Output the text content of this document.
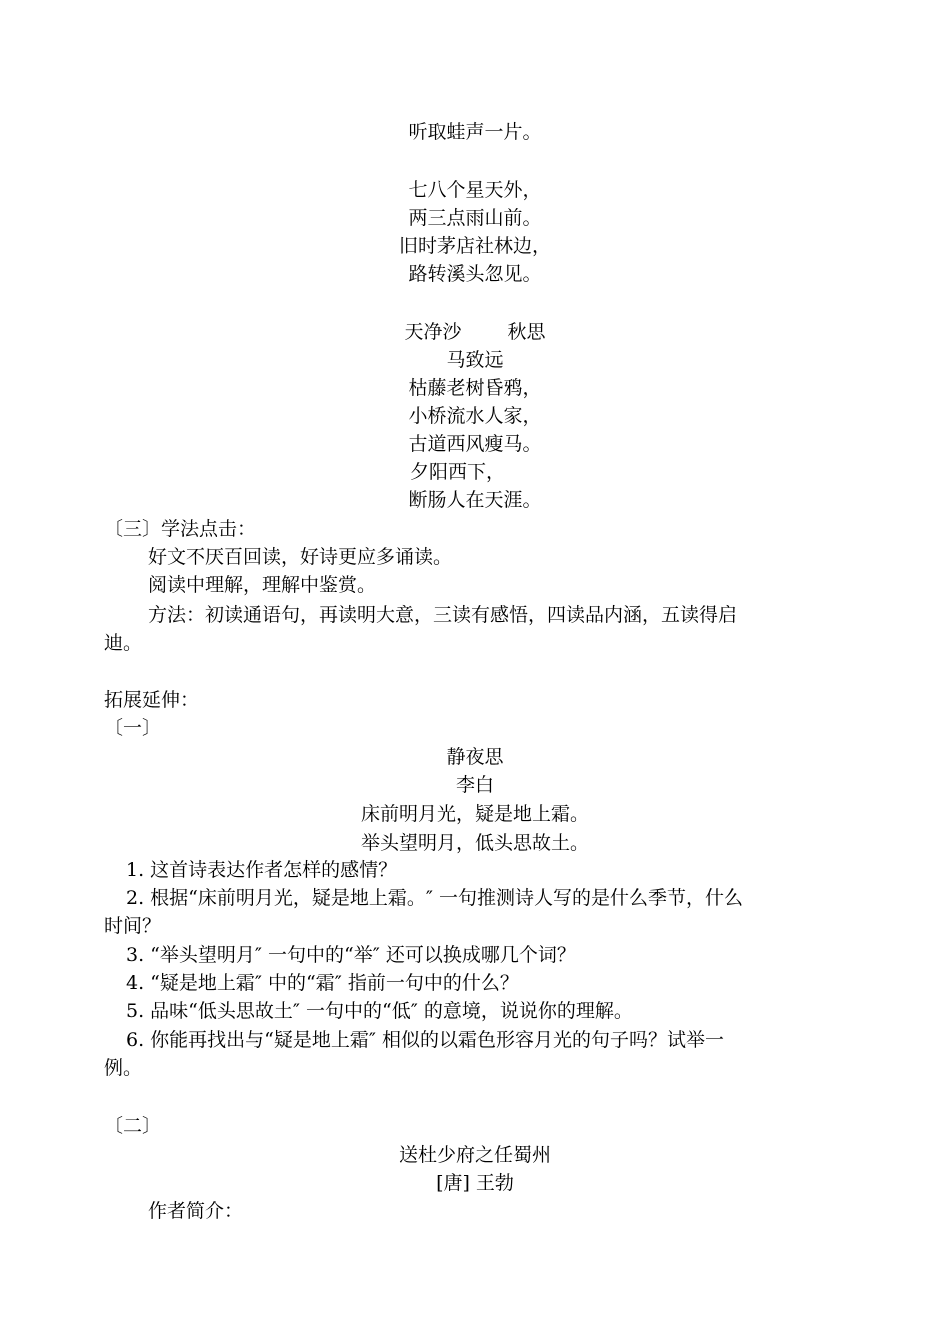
听取蛙声一片。
七八个星天外，
两三点雨山前。
旧时茅店社林边，
路转溪头忽见。
天净沙 秋思
马致远
枯藤老树昏鸦，
小桥流水人家，
古道西风瘦马。
夕阳西下，
断肠人在天涯。
〔三〕学法点击：
好文不厌百回读，好诗更应多诵读。
阅读中理解，理解中鉴赏。
方法：初读通语句，再读明大意，三读有感悟，四读品内涵，五读得启
迪。
拓展延伸：
〔一〕
静夜思
李白
床前明月光，疑是地上霜。
举头望明月，低头思故土。
1. 这首诗表达作者怎样的感情？
2. 根据“床前明月光，疑是地上霜。″ 一句推测诗人写的是什么季节，什么
时间？
3. “举头望明月″ 一句中的“举″ 还可以换成哪几个词？
4. “疑是地上霜″ 中的“霜″ 指前一句中的什么？
5. 品味“低头思故土″ 一句中的“低″ 的意境，说说你的理解。
6. 你能再找出与“疑是地上霜″ 相似的以霜色形容月光的句子吗？试举一
例。
〔二〕
送杜少府之任蜀州
[唐] 王勃
作者简介：
